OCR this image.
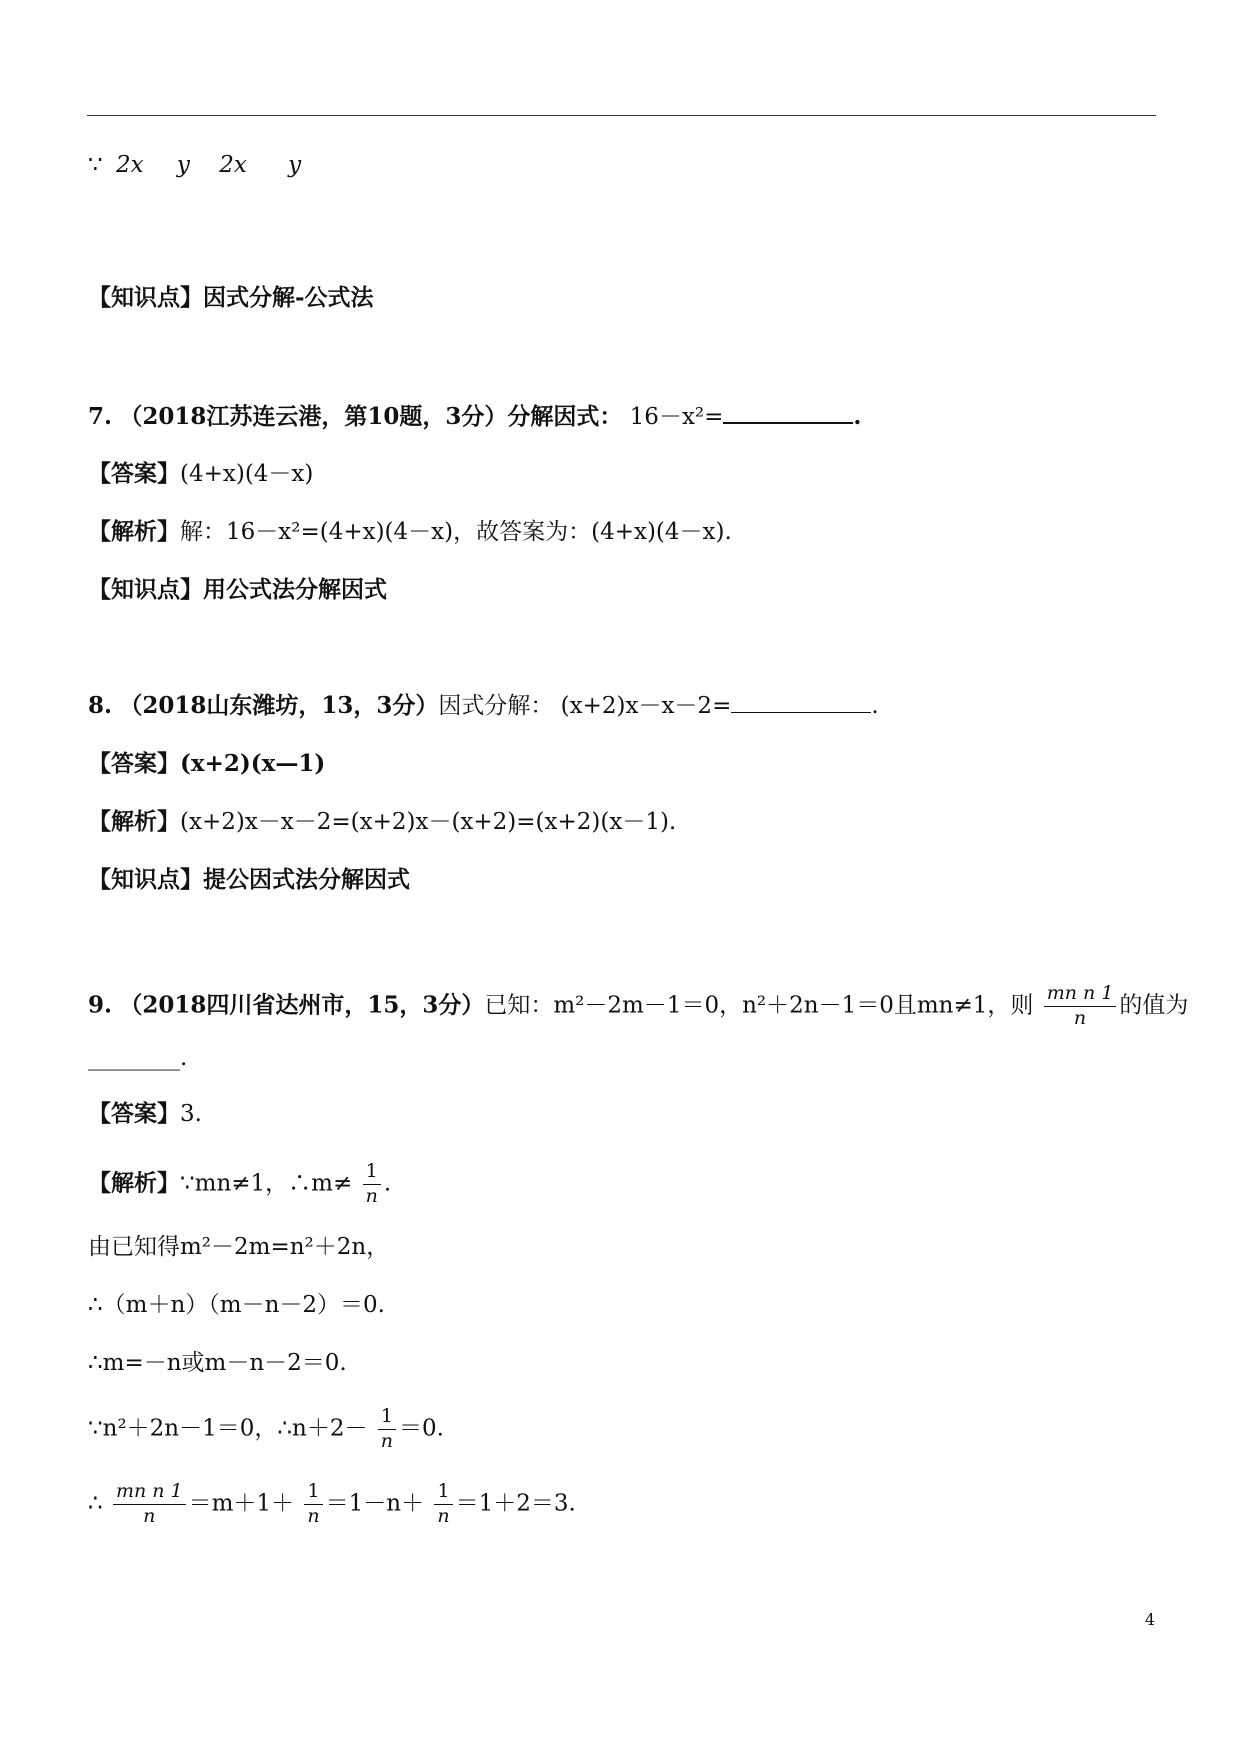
∵ 2x y 2x y
【知识点】因式分解-公式法
7. （2018江苏连云港，第10题，3分）分解因式： 16－x²=	.
【答案】(4+x)(4－x)
【解析】解：16－x²=(4+x)(4－x)，故答案为：(4+x)(4－x).
【知识点】用公式法分解因式
8. （2018山东潍坊，13，3分）因式分解： (x+2)x－x－2=	.
【答案】(x+2)(x—1)
【解析】(x+2)x－x－2=(x+2)x－(x+2)=(x+2)(x－1).
【知识点】提公因式法分解因式
9. （2018四川省达州市，15，3分）已知：m²－2m－1＝0，n²＋2n－1＝0且mn≠1，则 $\frac{\text{mn n 1}}{n}$ 的值为
________.
【答案】3.
【解析】∵mn≠1，∴m≠ $\frac{1}{n}$ .
由已知得m²－2m=n²＋2n，
∴（m＋n）（m－n－2）＝0.
∴m=－n或m－n－2＝0.
∵n²＋2n－1＝0，∴n＋2－ $\frac{1}{n} =0$.
∴ $\frac{\text{mn n 1}}{n} =m+1+ \frac{1}{n} =1-n+ \frac{1}{n} =1+2=3$.
4
